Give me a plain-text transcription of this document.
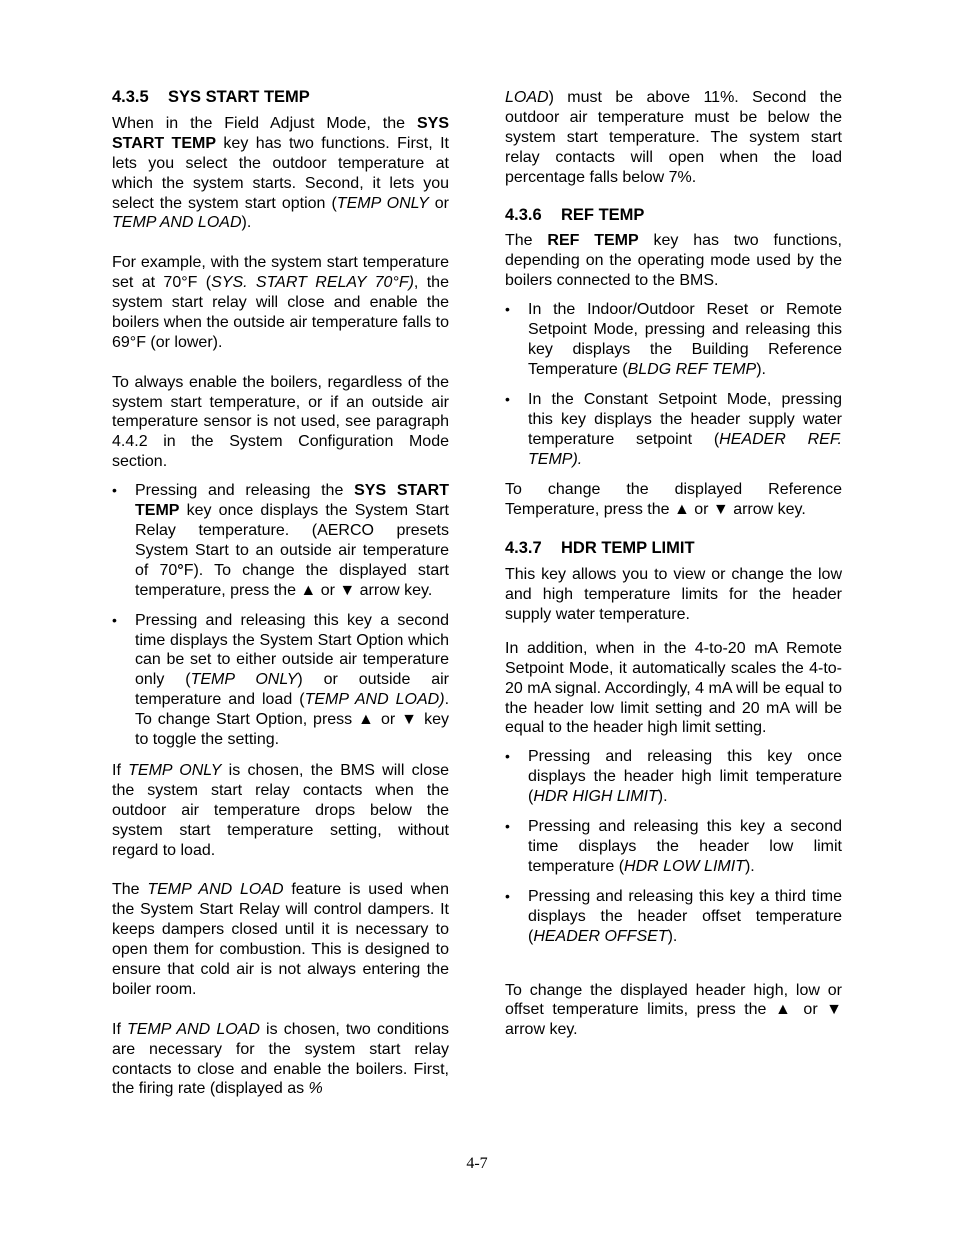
4.3.5 SYS START TEMP

When in the Field Adjust Mode, the SYS START TEMP key has two functions. First, It lets you select the outdoor temperature at which the system starts. Second, it lets you select the system start option (TEMP ONLY or TEMP AND LOAD).

For example, with the system start temperature set at 70°F (SYS. START RELAY 70°F), the system start relay will close and enable the boilers when the outside air temperature falls to 69°F (or lower).

To always enable the boilers, regardless of the system start temperature, or if an outside air temperature sensor is not used, see paragraph 4.4.2 in the System Configuration Mode section.

•
Pressing and releasing the SYS START TEMP key once displays the System Start Relay temperature. (AERCO presets System Start to an outside air temperature of 70°F). To change the displayed start temperature, press the ▲ or ▼ arrow key.
•
Pressing and releasing this key a second time displays the System Start Option which can be set to either outside air temperature only (TEMP ONLY) or outside air temperature and load (TEMP AND LOAD). To change Start Option, press ▲ or ▼ key to toggle the setting.

If TEMP ONLY is chosen, the BMS will close the system start relay contacts when the outdoor air temperature drops below the system start temperature setting, without regard to load.

The TEMP AND LOAD feature is used when the System Start Relay will control dampers. It keeps dampers closed until it is necessary to open them for combustion. This is designed to ensure that cold air is not always entering the boiler room.

If TEMP AND LOAD is chosen, two conditions are necessary for the system start relay contacts to close and enable the boilers. First, the firing rate (displayed as %

LOAD) must be above 11%. Second the outdoor air temperature must be below the system start temperature. The system start relay contacts will open when the load percentage falls below 7%.

4.3.6 REF TEMP

The REF TEMP key has two functions, depending on the operating mode used by the boilers connected to the BMS.

•
In the Indoor/Outdoor Reset or Remote Setpoint Mode, pressing and releasing this key displays the Building Reference Temperature (BLDG REF TEMP).
•
In the Constant Setpoint Mode, pressing this key displays the header supply water temperature setpoint (HEADER REF. TEMP).

To change the displayed Reference Temperature, press the ▲ or ▼ arrow key.

4.3.7 HDR TEMP LIMIT

This key allows you to view or change the low and high temperature limits for the header supply water temperature.

In addition, when in the 4-to-20 mA Remote Setpoint Mode, it automatically scales the 4-to-20 mA signal. Accordingly, 4 mA will be equal to the header low limit setting and 20 mA will be equal to the header high limit setting.

•
Pressing and releasing this key once displays the header high limit temperature (HDR HIGH LIMIT).
•
Pressing and releasing this key a second time displays the header low limit temperature (HDR LOW LIMIT).
•
Pressing and releasing this key a third time displays the header offset temperature (HEADER OFFSET).

To change the displayed header high, low or offset temperature limits, press the ▲ or ▼ arrow key.

4-7
